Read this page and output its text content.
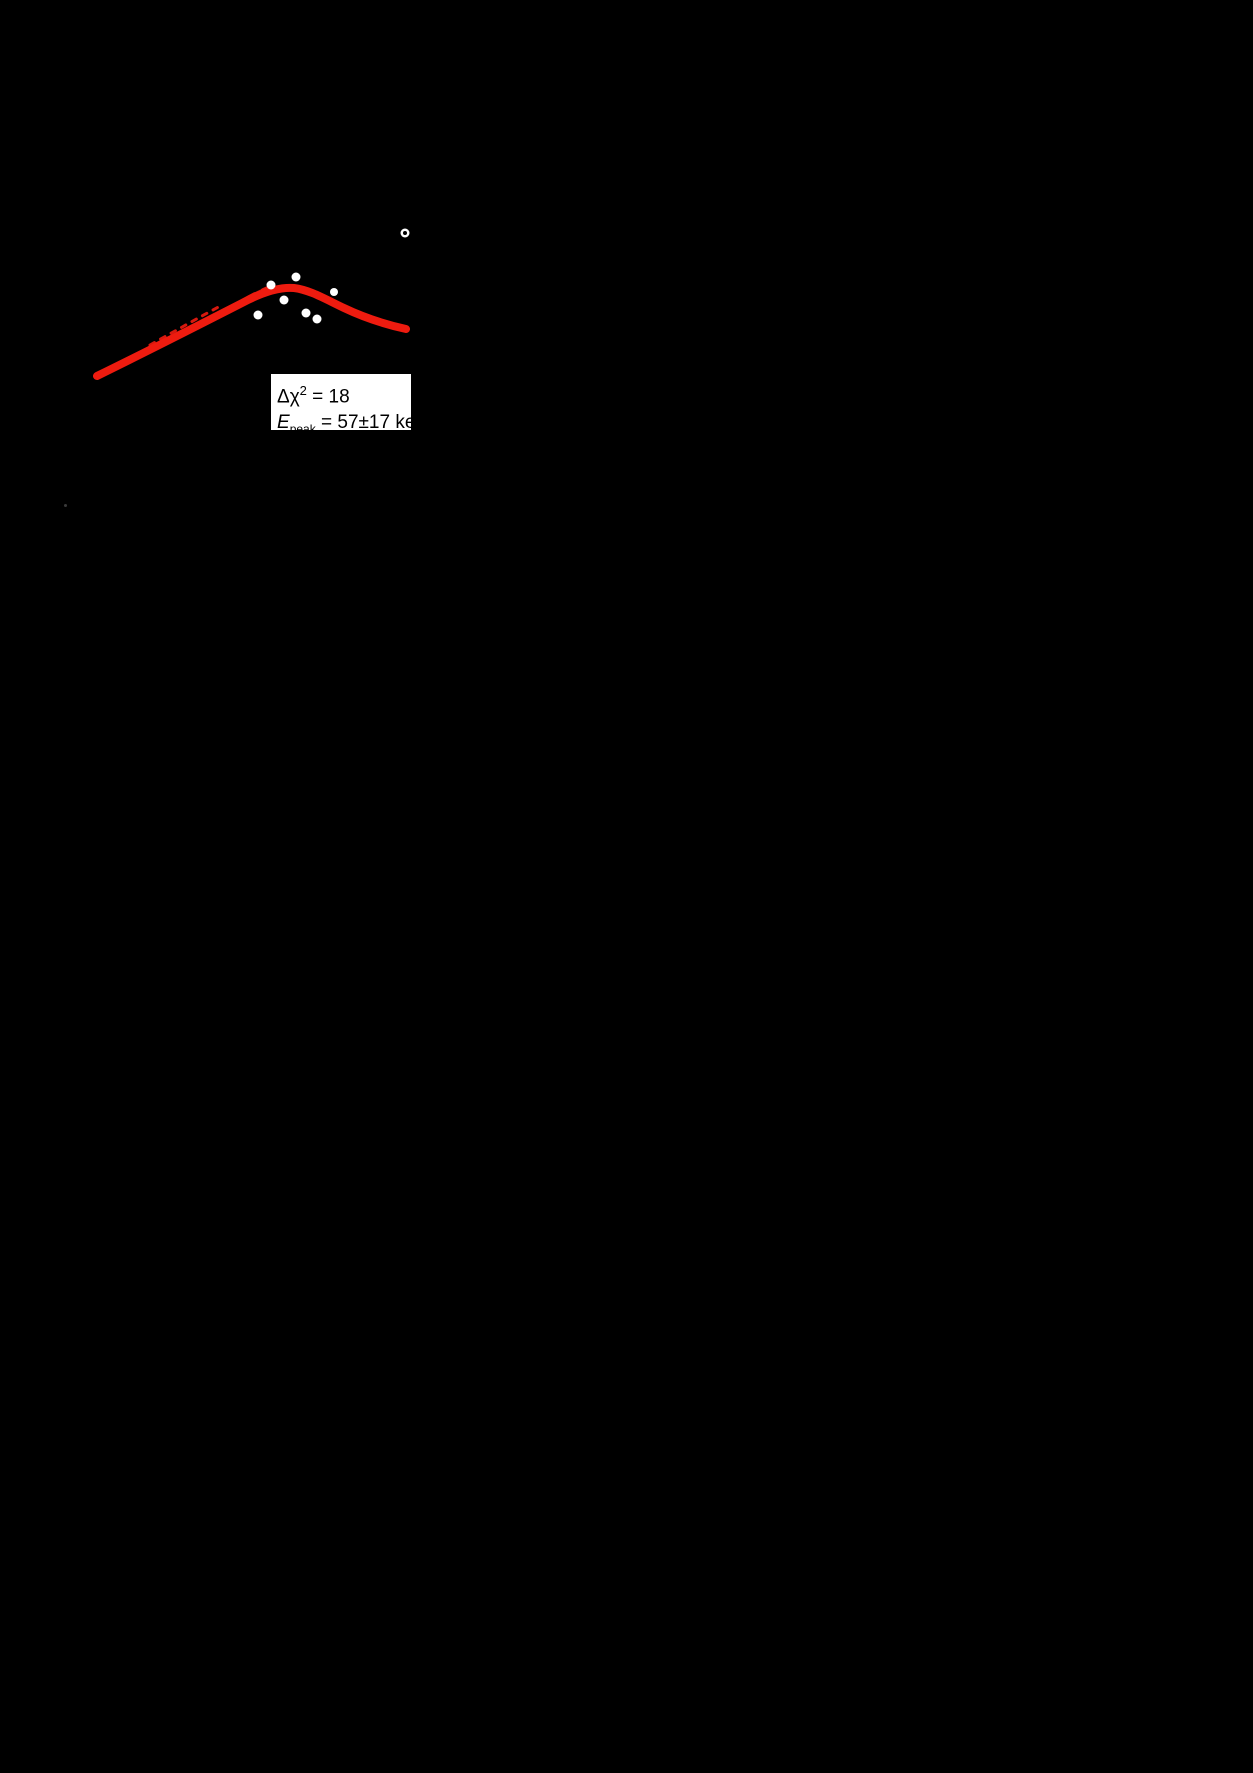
$\Delta\chi^2 = 18$
$E_{peak} = 57\pm 17$ keV
